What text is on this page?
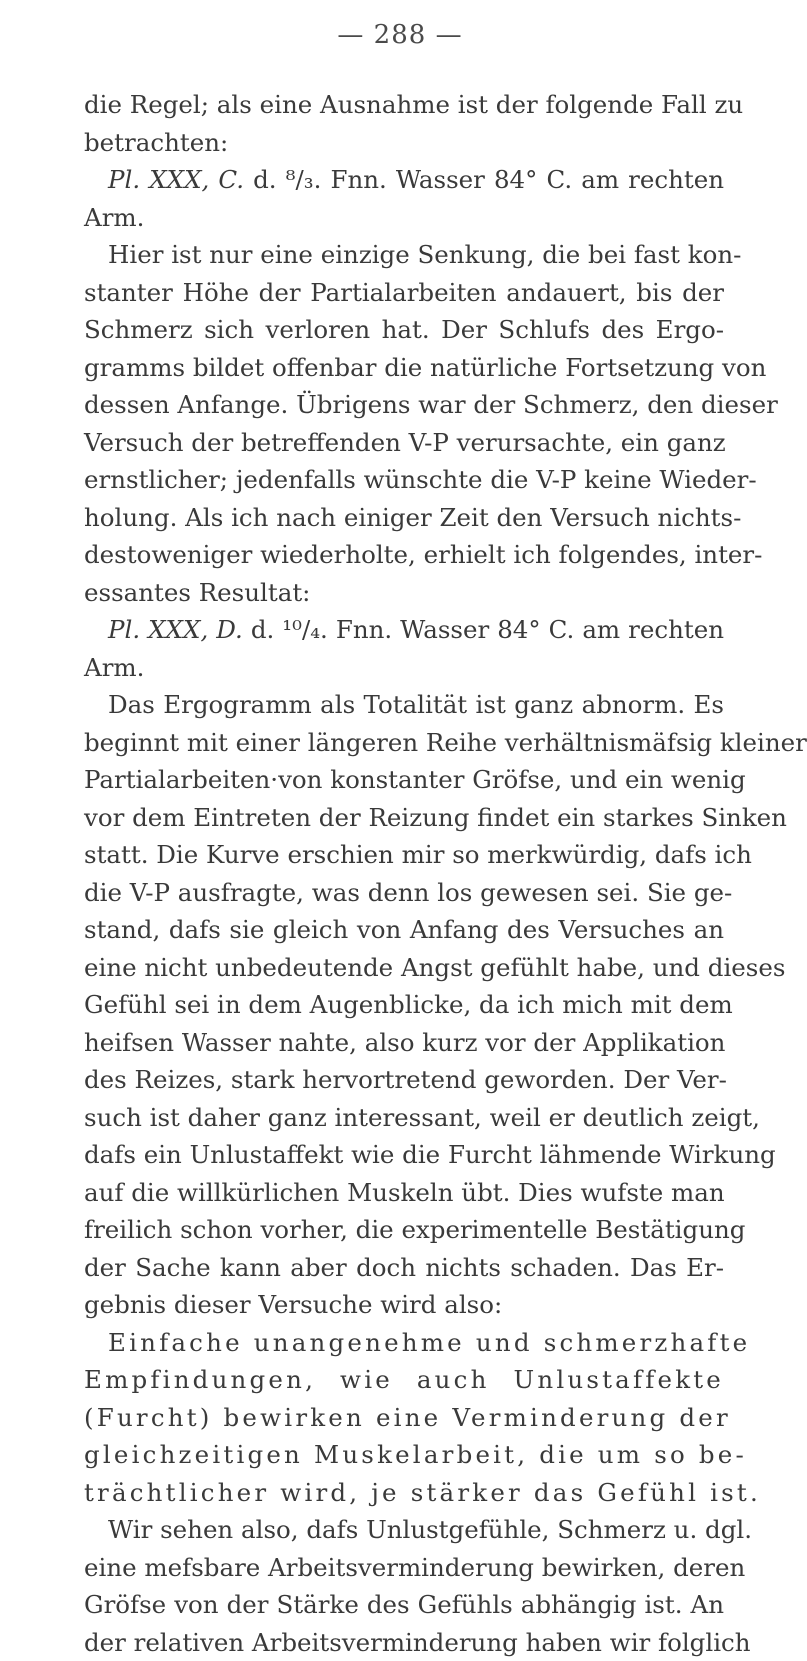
— 288 —
die Regel; als eine Ausnahme ist der folgende Fall zu
betrachten:
Pl. XXX, C. d. ⁸/₃. Fnn. Wasser 84° C. am rechten
Arm.
Hier ist nur eine einzige Senkung, die bei fast kon-
stanter Höhe der Partialarbeiten andauert, bis der
Schmerz sich verloren hat. Der Schlufs des Ergo-
gramms bildet offenbar die natürliche Fortsetzung von
dessen Anfange. Übrigens war der Schmerz, den dieser
Versuch der betreffenden V-P verursachte, ein ganz
ernstlicher; jedenfalls wünschte die V-P keine Wieder-
holung. Als ich nach einiger Zeit den Versuch nichts-
destoweniger wiederholte, erhielt ich folgendes, inter-
essantes Resultat:
Pl. XXX, D. d. ¹⁰/₄. Fnn. Wasser 84° C. am rechten
Arm.
Das Ergogramm als Totalität ist ganz abnorm. Es
beginnt mit einer längeren Reihe verhältnismäfsig kleiner
Partialarbeiten·von konstanter Gröfse, und ein wenig
vor dem Eintreten der Reizung findet ein starkes Sinken
statt. Die Kurve erschien mir so merkwürdig, dafs ich
die V-P ausfragte, was denn los gewesen sei. Sie ge-
stand, dafs sie gleich von Anfang des Versuches an
eine nicht unbedeutende Angst gefühlt habe, und dieses
Gefühl sei in dem Augenblicke, da ich mich mit dem
heifsen Wasser nahte, also kurz vor der Applikation
des Reizes, stark hervortretend geworden. Der Ver-
such ist daher ganz interessant, weil er deutlich zeigt,
dafs ein Unlustaffekt wie die Furcht lähmende Wirkung
auf die willkürlichen Muskeln übt. Dies wufste man
freilich schon vorher, die experimentelle Bestätigung
der Sache kann aber doch nichts schaden. Das Er-
gebnis dieser Versuche wird also:
Einfache unangenehme und schmerzhafte
Empfindungen, wie auch Unlustaffekte
(Furcht) bewirken eine Verminderung der
gleichzeitigen Muskelarbeit, die um so be-
trächtlicher wird, je stärker das Gefühl ist.
Wir sehen also, dafs Unlustgefühle, Schmerz u. dgl.
eine mefsbare Arbeitsverminderung bewirken, deren
Gröfse von der Stärke des Gefühls abhängig ist. An
der relativen Arbeitsverminderung haben wir folglich
